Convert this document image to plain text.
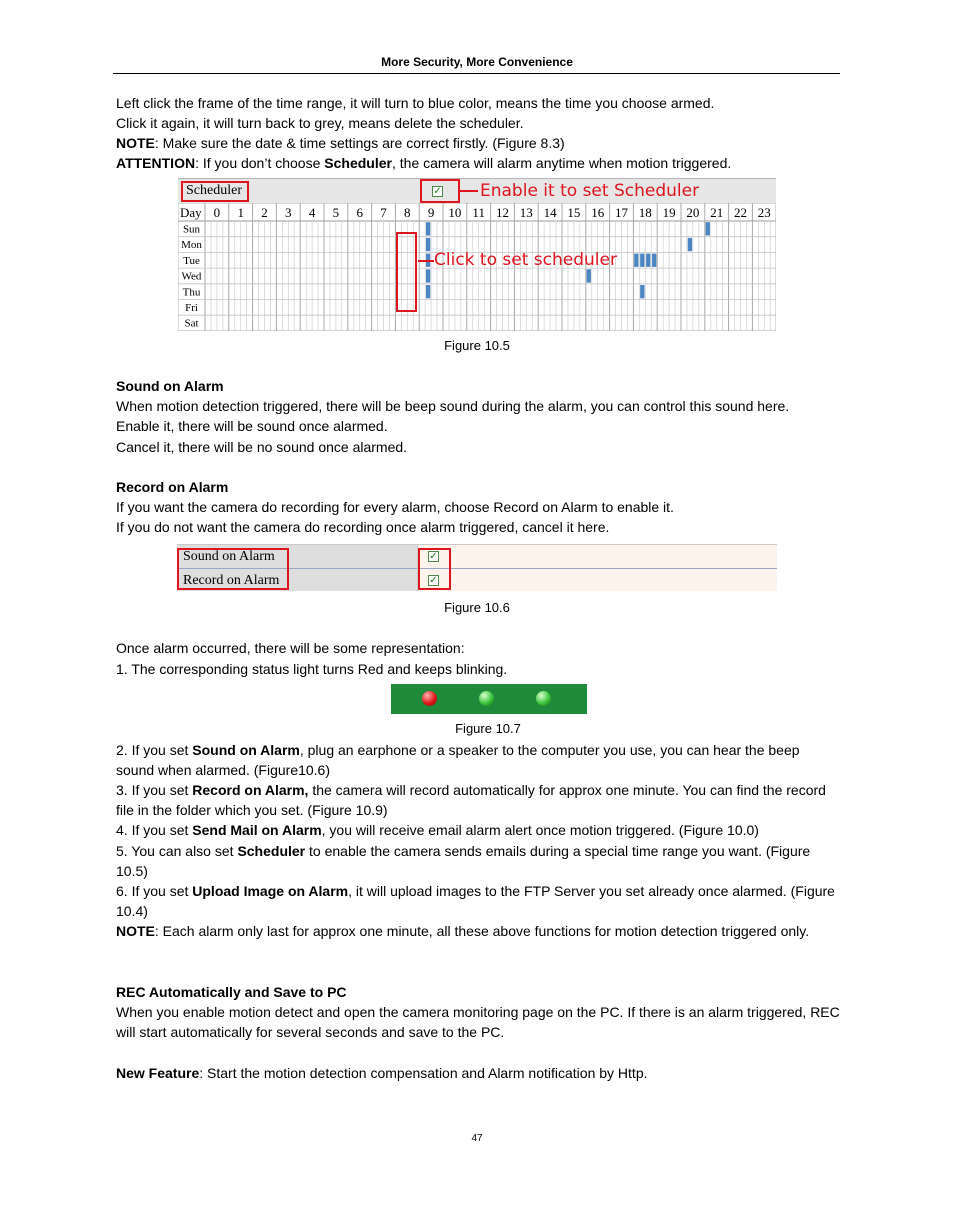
More Security, More Convenience
Left click the frame of the time range, it will turn to blue color, means the time you choose armed.
Click it again, it will turn back to grey, means delete the scheduler.
NOTE: Make sure the date & time settings are correct firstly. (Figure 8.3)
ATTENTION: If you don’t choose Scheduler, the camera will alarm anytime when motion triggered.
Scheduler	✓ Enable it to set Scheduler
Day 0 1 2 3 4 5 6 7 8 9 10 11 12 13 14 15 16 17 18 19 20 21 22 23
Sun
Mon
Tue
Wed
Thu
Fri
Sat
Click to set scheduler
Figure 10.5
Sound on Alarm
When motion detection triggered, there will be beep sound during the alarm, you can control this sound here.
Enable it, there will be sound once alarmed.
Cancel it, there will be no sound once alarmed.
Record on Alarm
If you want the camera do recording for every alarm, choose Record on Alarm to enable it.
If you do not want the camera do recording once alarm triggered, cancel it here.
Sound on Alarm
Record on Alarm
✓
✓
Figure 10.6
Once alarm occurred, there will be some representation:
1. The corresponding status light turns Red and keeps blinking.
Figure 10.7
2. If you set Sound on Alarm, plug an earphone or a speaker to the computer you use, you can hear the beep sound when alarmed. (Figure10.6)
3. If you set Record on Alarm, the camera will record automatically for approx one minute. You can find the record file in the folder which you set. (Figure 10.9)
4. If you set Send Mail on Alarm, you will receive email alarm alert once motion triggered. (Figure 10.0)
5. You can also set Scheduler to enable the camera sends emails during a special time range you want. (Figure 10.5)
6. If you set Upload Image on Alarm, it will upload images to the FTP Server you set already once alarmed. (Figure 10.4)
NOTE: Each alarm only last for approx one minute, all these above functions for motion detection triggered only.
REC Automatically and Save to PC
When you enable motion detect and open the camera monitoring page on the PC. If there is an alarm triggered, REC will start automatically for several seconds and save to the PC.
New Feature: Start the motion detection compensation and Alarm notification by Http.
47
